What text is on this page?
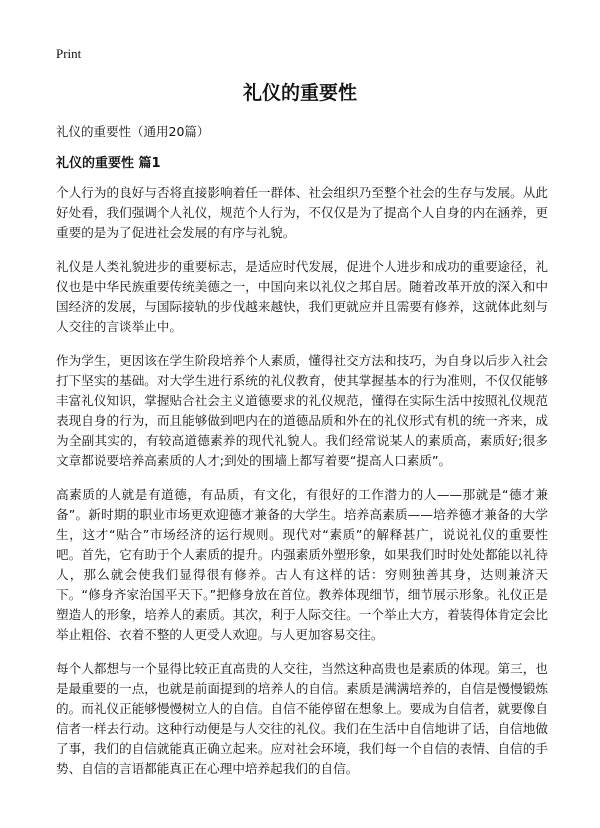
Print
礼仪的重要性
礼仪的重要性（通用20篇）
礼仪的重要性 篇1

个人行为的良好与否将直接影响着任一群体、社会组织乃至整个社会的生存与发展。从此好处看，我们强调个人礼仪，规范个人行为，不仅仅是为了提高个人自身的内在涵养，更重要的是为了促进社会发展的有序与礼貌。

礼仪是人类礼貌进步的重要标志，是适应时代发展，促进个人进步和成功的重要途径，礼仪也是中华民族重要传统美德之一，中国向来以礼仪之邦自居。随着改革开放的深入和中国经济的发展，与国际接轨的步伐越来越快，我们更就应并且需要有修养，这就体此刻与人交往的言谈举止中。

作为学生，更因该在学生阶段培养个人素质，懂得社交方法和技巧，为自身以后步入社会打下坚实的基础。对大学生进行系统的礼仪教育，使其掌握基本的行为准则，不仅仅能够丰富礼仪知识，掌握贴合社会主义道德要求的礼仪规范，懂得在实际生活中按照礼仪规范表现自身的行为，而且能够做到吧内在的道德品质和外在的礼仪形式有机的统一齐来，成为全副其实的，有较高道德素养的现代礼貌人。我们经常说某人的素质高，素质好;很多文章都说要培养高素质的人才;到处的围墙上都写着要“提高人口素质”。

高素质的人就是有道德，有品质，有文化，有很好的工作潜力的人——那就是“德才兼备”。新时期的职业市场更欢迎德才兼备的大学生。培养高素质——培养德才兼备的大学生，这才“贴合”市场经济的运行规则。现代对“素质”的解释甚广，说说礼仪的重要性吧。首先，它有助于个人素质的提升。内强素质外塑形象，如果我们时时处处都能以礼待人，那么就会使我们显得很有修养。古人有这样的话：穷则独善其身，达则兼济天下。“修身齐家治国平天下。”把修身放在首位。教养体现细节，细节展示形象。礼仪正是塑造人的形象，培养人的素质。其次，利于人际交往。一个举止大方，着装得体肯定会比举止粗俗、衣着不整的人更受人欢迎。与人更加容易交往。

每个人都想与一个显得比较正直高贵的人交往，当然这种高贵也是素质的体现。第三，也是最重要的一点，也就是前面提到的培养人的自信。素质是满满培养的，自信是慢慢锻炼的。而礼仪正能够慢慢树立人的自信。自信不能停留在想象上。要成为自信者，就要像自信者一样去行动。这种行动便是与人交往的礼仪。我们在生活中自信地讲了话，自信地做了事，我们的自信就能真正确立起来。应对社会环境，我们每一个自信的表情、自信的手势、自信的言语都能真正在心理中培养起我们的自信。
